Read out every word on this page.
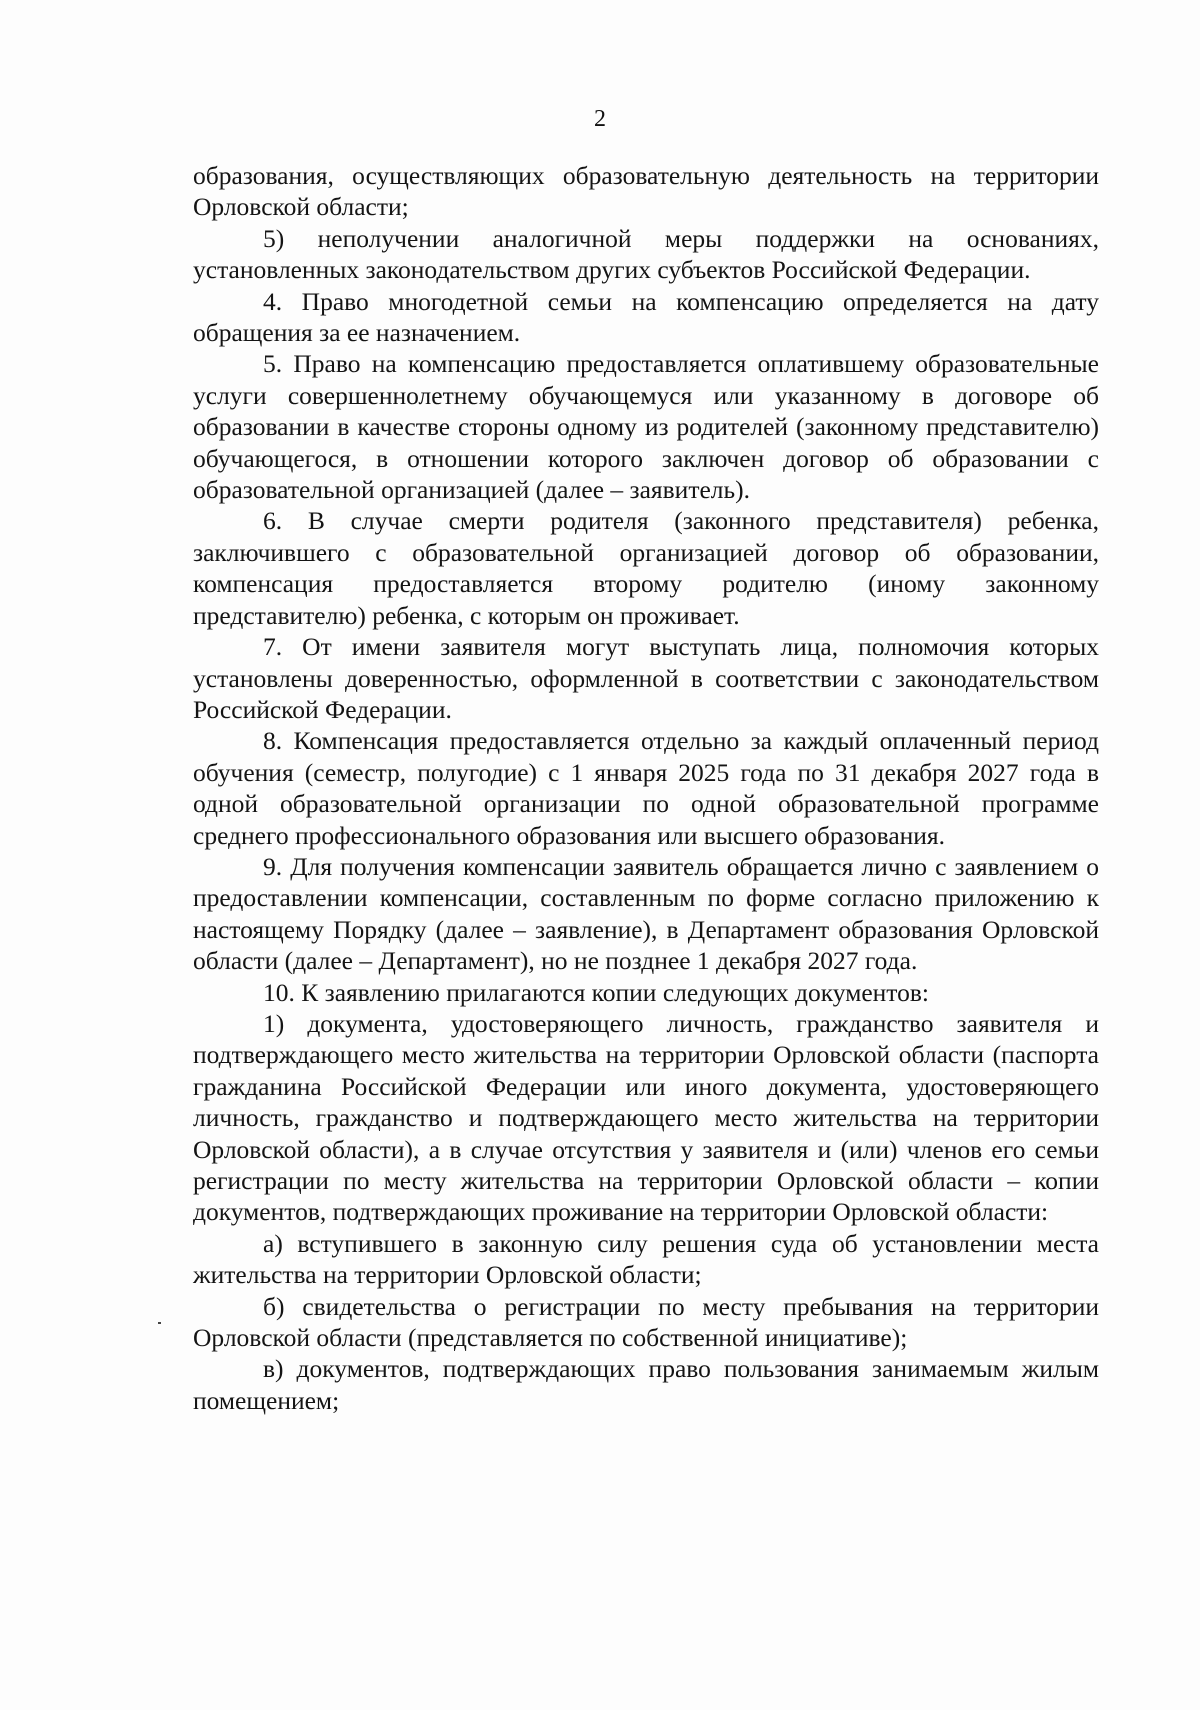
2

образования, осуществляющих образовательную деятельность на территории Орловской области;

5) неполучении аналогичной меры поддержки на основаниях, установленных законодательством других субъектов Российской Федерации.

4. Право многодетной семьи на компенсацию определяется на дату обращения за ее назначением.

5. Право на компенсацию предоставляется оплатившему образовательные услуги совершеннолетнему обучающемуся или указанному в договоре об образовании в качестве стороны одному из родителей (законному представителю) обучающегося, в отношении которого заключен договор об образовании с образовательной организацией (далее – заявитель).

6. В случае смерти родителя (законного представителя) ребенка, заключившего с образовательной организацией договор об образовании, компенсация предоставляется второму родителю (иному законному представителю) ребенка, с которым он проживает.

7. От имени заявителя могут выступать лица, полномочия которых установлены доверенностью, оформленной в соответствии с законодательством Российской Федерации.

8. Компенсация предоставляется отдельно за каждый оплаченный период обучения (семестр, полугодие) с 1 января 2025 года по 31 декабря 2027 года в одной образовательной организации по одной образовательной программе среднего профессионального образования или высшего образования.

9. Для получения компенсации заявитель обращается лично с заявлением о предоставлении компенсации, составленным по форме согласно приложению к настоящему Порядку (далее – заявление), в Департамент образования Орловской области (далее – Департамент), но не позднее 1 декабря 2027 года.

10. К заявлению прилагаются копии следующих документов:

1) документа, удостоверяющего личность, гражданство заявителя и подтверждающего место жительства на территории Орловской области (паспорта гражданина Российской Федерации или иного документа, удостоверяющего личность, гражданство и подтверждающего место жительства на территории Орловской области), а в случае отсутствия у заявителя и (или) членов его семьи регистрации по месту жительства на территории Орловской области – копии документов, подтверждающих проживание на территории Орловской области:

а) вступившего в законную силу решения суда об установлении места жительства на территории Орловской области;

б) свидетельства о регистрации по месту пребывания на территории Орловской области (представляется по собственной инициативе);

в) документов, подтверждающих право пользования занимаемым жилым помещением;
